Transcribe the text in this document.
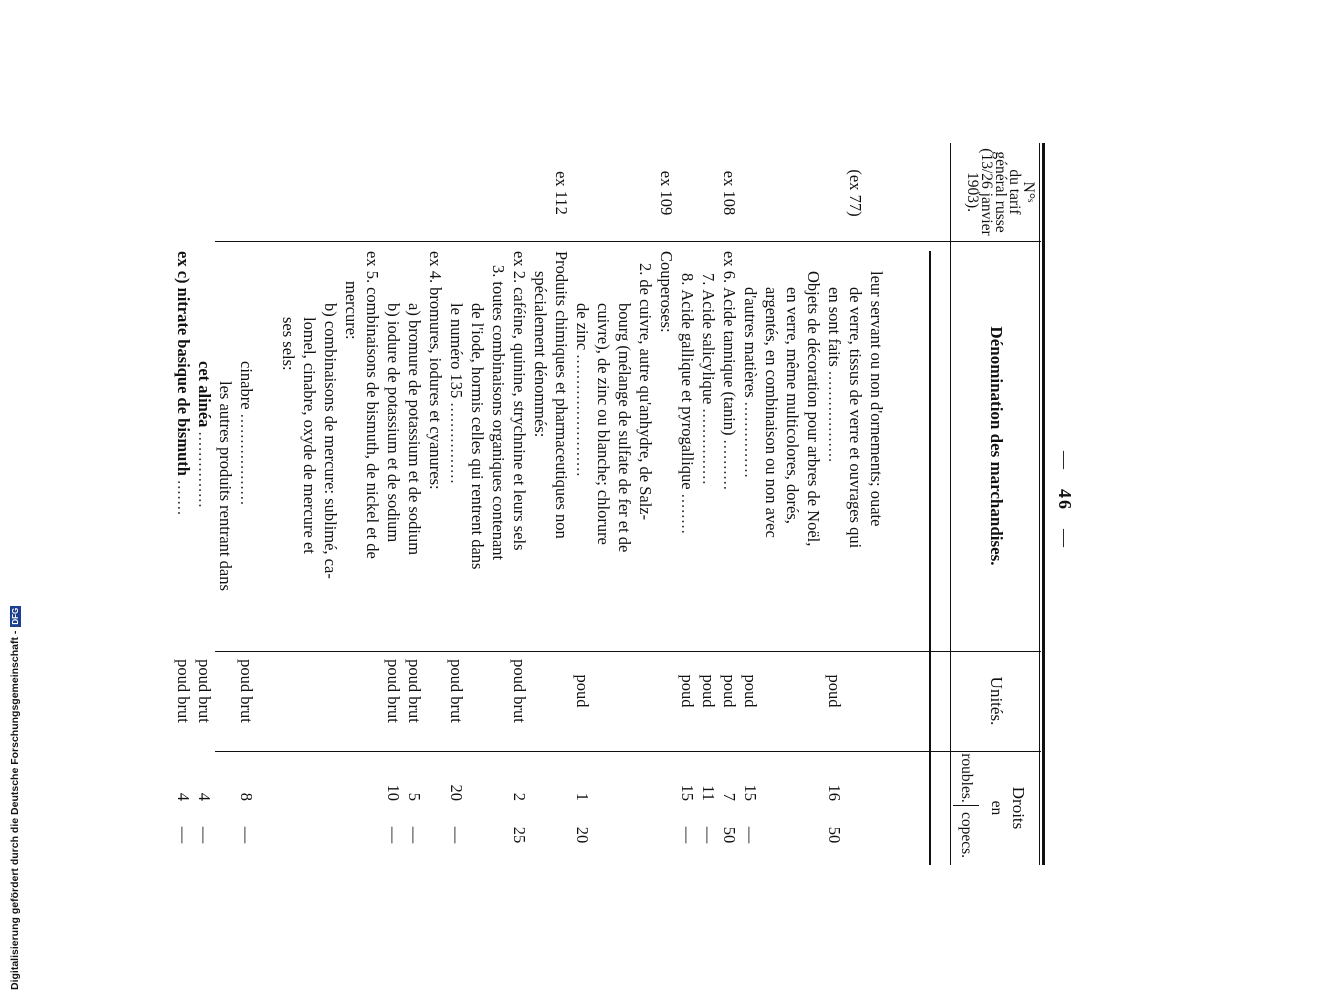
Digitalisierung gefördert durch die Deutsche Forschungsgemeinschaft -
DFG
—46—
N°ˢ
du tarif
général russe
(13/26 janvier
1903).
Dénomination des marchandises.
Unités.
Droits
en
roubles.
copecs.
leur servant ou non d'ornements; ouate
(ex 77)
de verre, tissus de verre et ouvrages qui
en sont faits ..................
poud
16
50
Objets de décoration pour arbres de Noël,
en verre, même multicolores, dorés,
argentés, en combinaison ou non avec
d'autres matières ...............
poud
15
—
ex 108
ex 6.Acide tannique (tanin) ..........
poud
7
50
7.Acide salicylique ...............
poud
11
—
8.Acide gallique et pyrogallique ........
poud
15
—
ex 109
Couperoses:
2.de cuivre, autre qu'anhydre, de Salz-
bourg (mélange de sulfate de fer et de
cuivre), de zinc ou blanche; chlorure
de zinc ........................
poud
1
20
ex 112
Produits chimiques et pharmaceutiques non
spécialement dénommés:
ex 2.caféine, quinine, strychnine et leurs sels
poud brut
2
25
3.toutes combinaisons organiques contenant
de l'iode, hormis celles qui rentrent dans
le numéro 135 ................
poud brut
20
—
ex 4.bromures, iodures et cyanures:
a) bromure de potassium et de sodium
poud brut
5
—
b) iodure de potassium et de sodium
poud brut
10
—
ex 5.combinaisons de bismuth, de nickel et de
mercure:
b) combinaisons de mercure: sublimé, ca-
lomel, cinabre, oxyde de mercure et
ses sels:
cinabre ..................
poud brut
8
—
les autres produits rentrant dans
cet alinéa ...............
poud brut
4
—
ex c)nitrate basique de bismuth .......
poud brut
4
—
